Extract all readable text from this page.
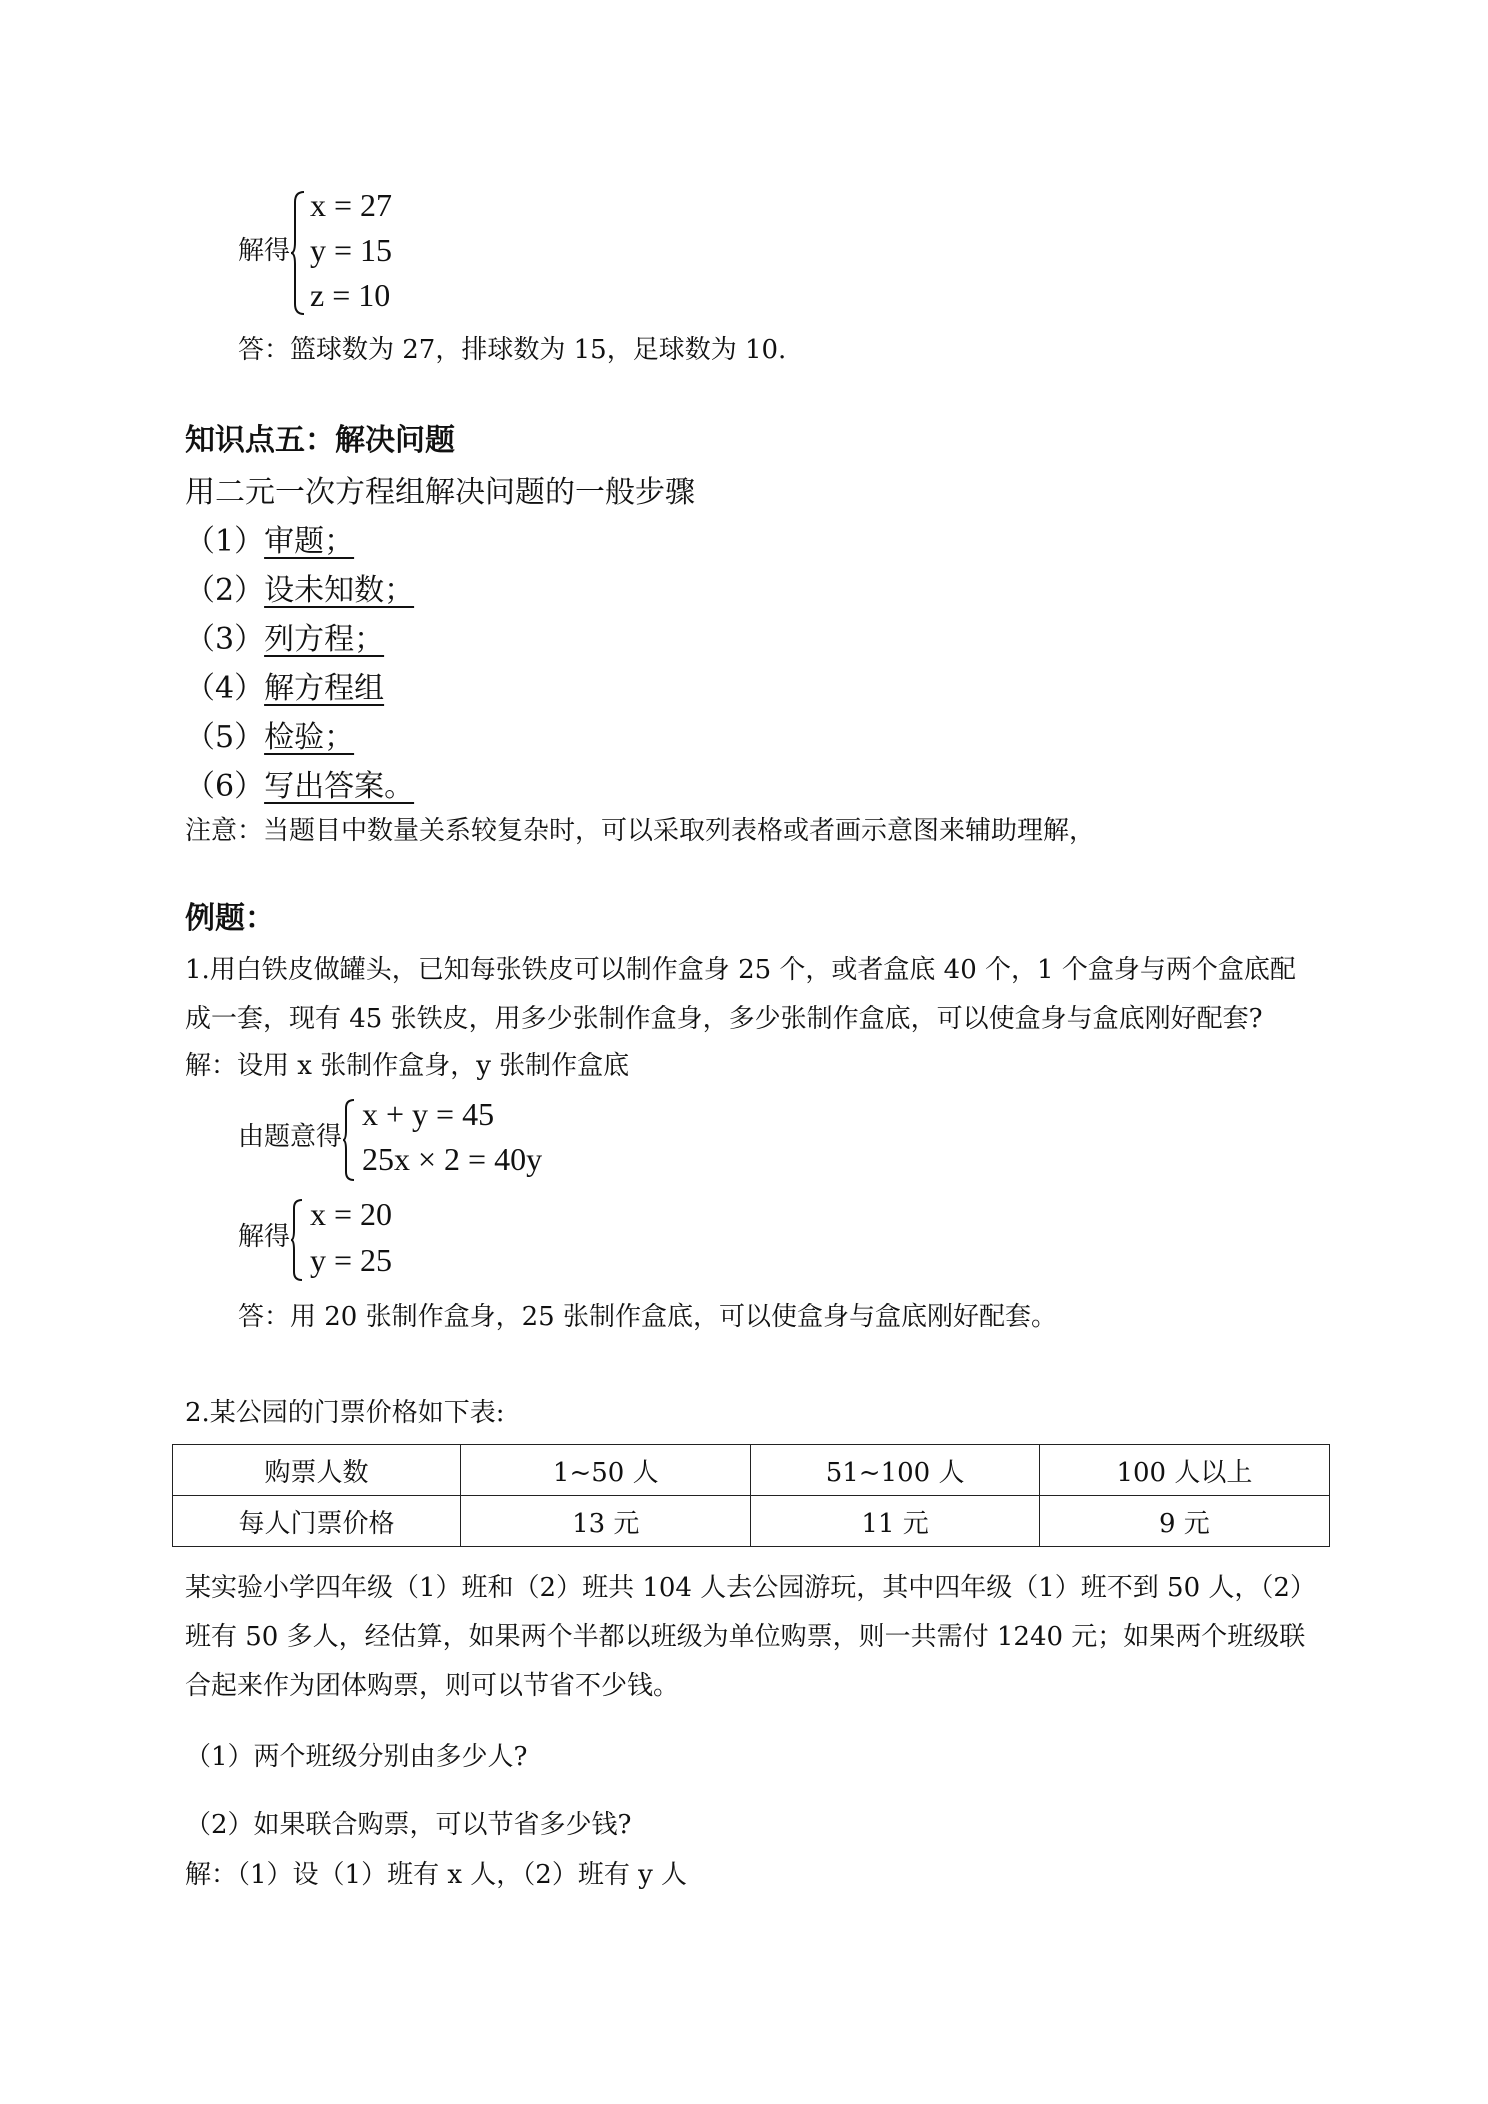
解得
x = 27
y = 15
z = 10
答：篮球数为 27，排球数为 15，足球数为 10.
知识点五：解决问题
用二元一次方程组解决问题的一般步骤
（1）审题；
（2）设未知数；
（3）列方程；
（4）解方程组
（5）检验；
（6）写出答案。
注意：当题目中数量关系较复杂时，可以采取列表格或者画示意图来辅助理解，
例题：
1.用白铁皮做罐头，已知每张铁皮可以制作盒身 25 个，或者盒底 40 个，1 个盒身与两个盒底配
成一套，现有 45 张铁皮，用多少张制作盒身，多少张制作盒底，可以使盒身与盒底刚好配套?
解：设用 x 张制作盒身，y 张制作盒底
由题意得
x + y = 45
25x × 2 = 40y
解得
x = 20
y = 25
答：用 20 张制作盒身，25 张制作盒底，可以使盒身与盒底刚好配套。
2.某公园的门票价格如下表:
购票人数	1~50 人	51~100 人	100 人以上
每人门票价格	13 元	11 元	9 元
某实验小学四年级（1）班和（2）班共 104 人去公园游玩，其中四年级（1）班不到 50 人，（2）
班有 50 多人，经估算，如果两个半都以班级为单位购票，则一共需付 1240 元；如果两个班级联
合起来作为团体购票，则可以节省不少钱。
（1）两个班级分别由多少人?
（2）如果联合购票，可以节省多少钱?
解：（1）设（1）班有 x 人，（2）班有 y 人
